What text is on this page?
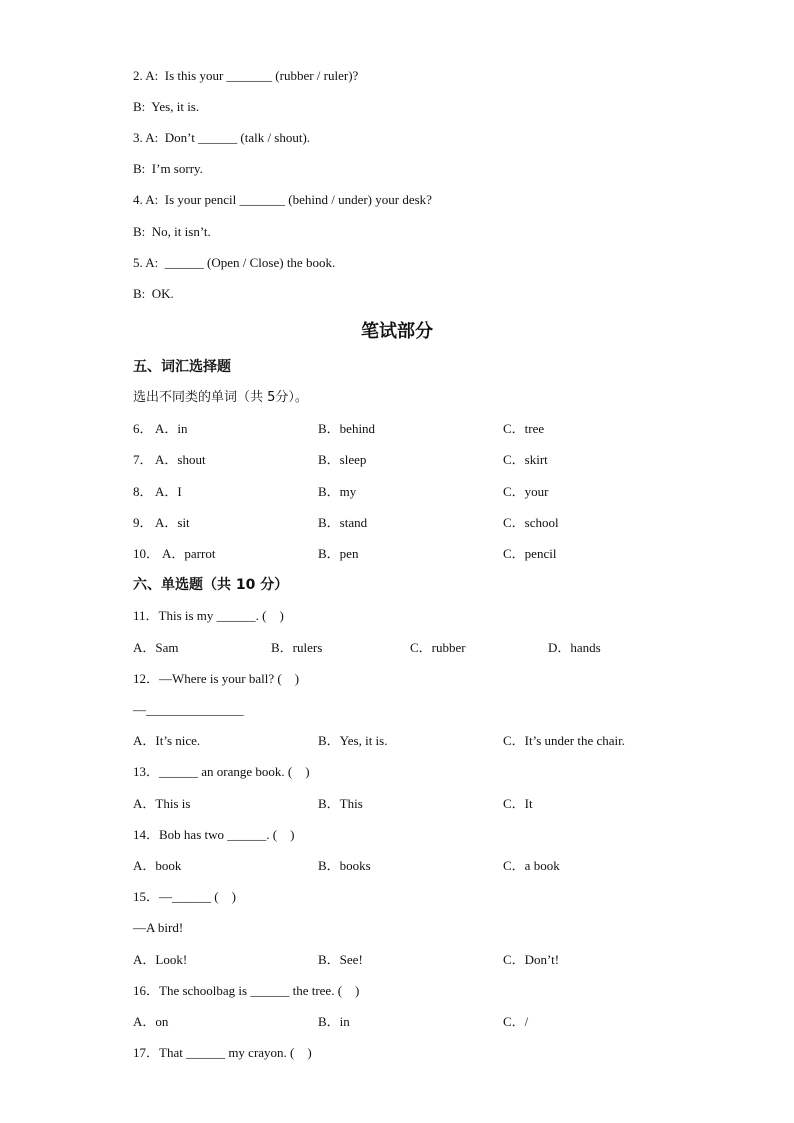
2. A:  Is this your _______ (rubber / ruler)?
B:  Yes, it is.
3. A:  Don’t ______ (talk / shout).
B:  I’m sorry.
4. A:  Is your pencil _______ (behind / under) your desk?
B:  No, it isn’t.
5. A:  ______ (Open / Close) the book.
B:  OK.
笔试部分
五、词汇选择题
选出不同类的单词（共 5分）。
6． A．in	B．behind	C．tree
7． A．shout	B．sleep	C．skirt
8． A．I	B．my	C．your
9． A．sit	B．stand	C．school
10． A．parrot	B．pen	C．pencil
六、单选题（共 10 分）
11．This is my ______. (    )
A．Sam	B．rulers	C．rubber	D．hands
12．—Where is your ball? (    )
—_______________
A．It’s nice.	B．Yes, it is.	C．It’s under the chair.
13．______ an orange book. (    )
A．This is	B．This	C．It
14．Bob has two ______. (    )
A．book	B．books	C．a book
15．—______ (    )
—A bird!
A．Look!	B．See!	C．Don’t!
16．The schoolbag is ______ the tree. (    )
A．on	B．in	C．/
17．That ______ my crayon. (    )
